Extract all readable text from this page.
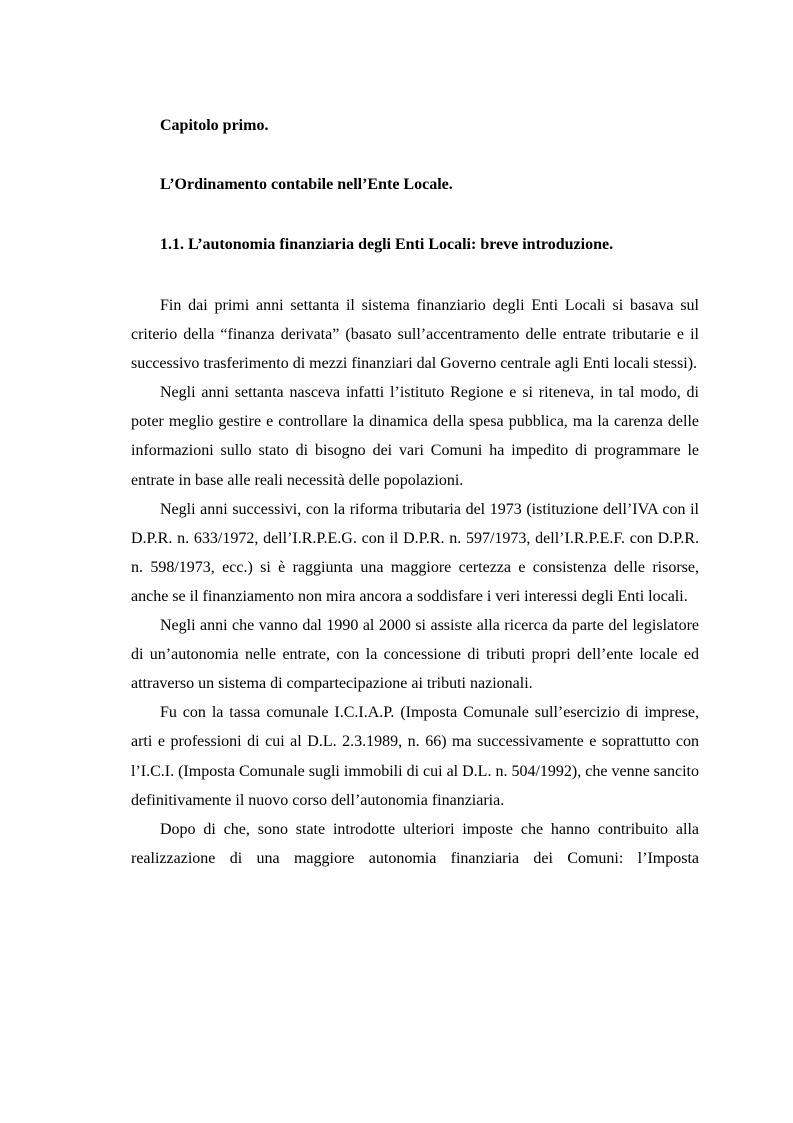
Capitolo primo.
L’Ordinamento contabile nell’Ente Locale.
1.1. L’autonomia finanziaria degli Enti Locali: breve introduzione.

Fin dai primi anni settanta il sistema finanziario degli Enti Locali si basava sul criterio della “finanza derivata” (basato sull’accentramento delle entrate tributarie e il successivo trasferimento di mezzi finanziari dal Governo centrale agli Enti locali stessi).

Negli anni settanta nasceva infatti l’istituto Regione e si riteneva, in tal modo, di poter meglio gestire e controllare la dinamica della spesa pubblica, ma la carenza delle informazioni sullo stato di bisogno dei vari Comuni ha impedito di programmare le entrate in base alle reali necessità delle popolazioni.

Negli anni successivi, con la riforma tributaria del 1973 (istituzione dell’IVA con il D.P.R. n. 633/1972, dell’I.R.P.E.G. con il D.P.R. n. 597/1973, dell’I.R.P.E.F. con D.P.R. n. 598/1973, ecc.) si è raggiunta una maggiore certezza e consistenza delle risorse, anche se il finanziamento non mira ancora a soddisfare i veri interessi degli Enti locali.

Negli anni che vanno dal 1990 al 2000 si assiste alla ricerca da parte del legislatore di un’autonomia nelle entrate, con la concessione di tributi propri dell’ente locale ed attraverso un sistema di compartecipazione ai tributi nazionali.

Fu con la tassa comunale I.C.I.A.P. (Imposta Comunale sull’esercizio di imprese, arti e professioni di cui al D.L. 2.3.1989, n. 66) ma successivamente e soprattutto con l’I.C.I. (Imposta Comunale sugli immobili di cui al D.L. n. 504/1992), che venne sancito definitivamente il nuovo corso dell’autonomia finanziaria.

Dopo di che, sono state introdotte ulteriori imposte che hanno contribuito alla realizzazione di una maggiore autonomia finanziaria dei Comuni: l’Imposta
